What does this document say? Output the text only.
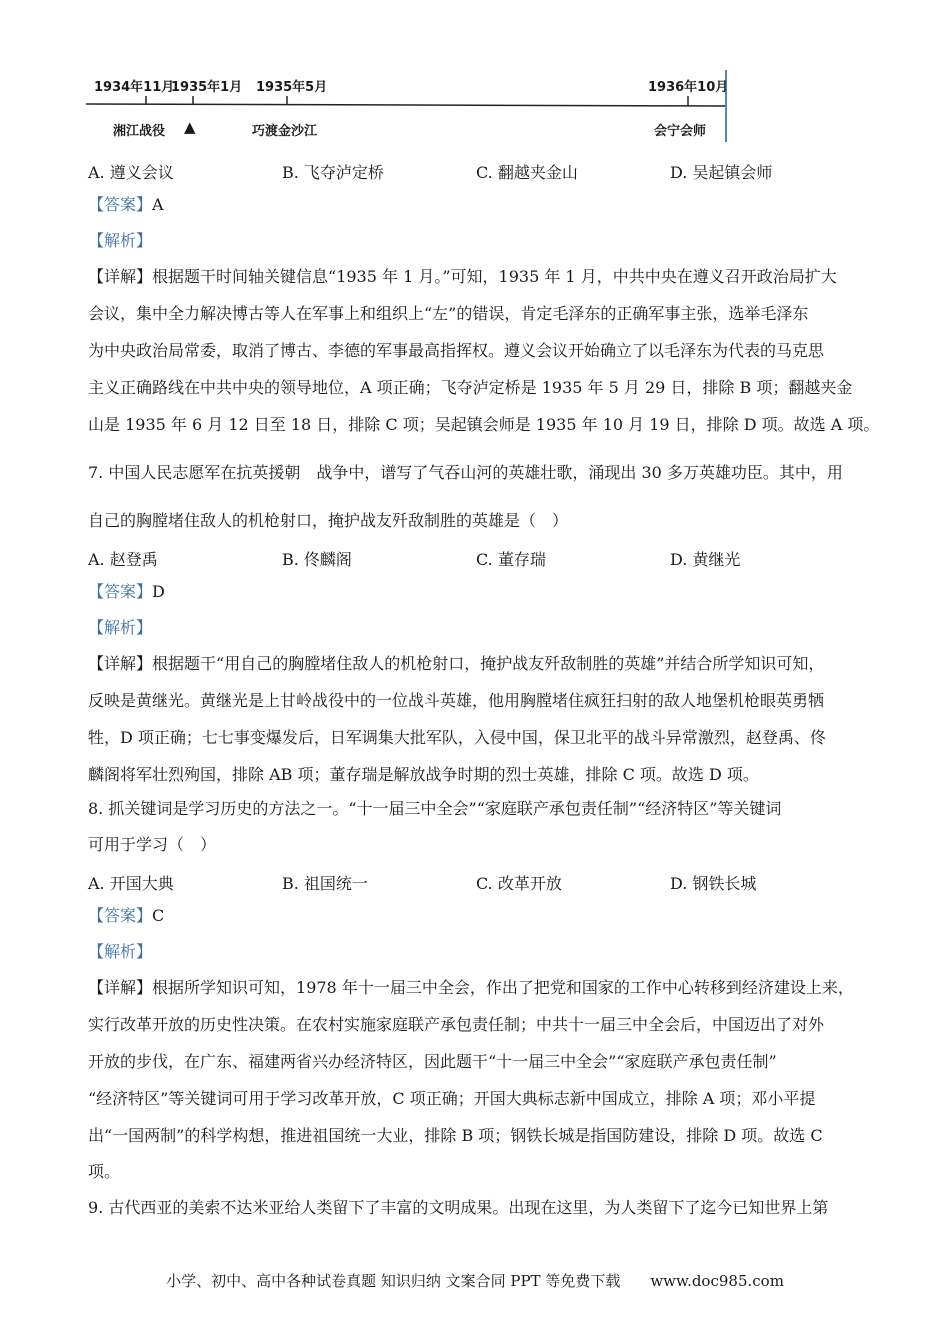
1934年11月
1935年1月 1935年5月	1936年10月
湘江战役 ▲	巧渡金沙江	会宁会师
A. 遵义会议	B. 飞夺泸定桥	C. 翻越夹金山	D. 吴起镇会师
【答案】A
【解析】
【详解】根据题干时间轴关键信息“1935 年 1 月。”可知，1935 年 1 月，中共中央在遵义召开政治局扩大
会议，集中全力解决博古等人在军事上和组织上“左”的错误，肯定毛泽东的正确军事主张，选举毛泽东
为中央政治局常委，取消了博古、李德的军事最高指挥权。遵义会议开始确立了以毛泽东为代表的马克思
主义正确路线在中共中央的领导地位，A 项正确；飞夺泸定桥是 1935 年 5 月 29 日，排除 B 项；翻越夹金
山是 1935 年 6 月 12 日至 18 日，排除 C 项；吴起镇会师是 1935 年 10 月 19 日，排除 D 项。故选 A 项。
7. 中国人民志愿军在抗英援朝　战争中，谱写了气吞山河的英雄壮歌，涌现出 30 多万英雄功臣。其中，用
自己的胸膛堵住敌人的机枪射口，掩护战友歼敌制胜的英雄是（　）
A. 赵登禹	B. 佟麟阁	C. 董存瑞	D. 黄继光
【答案】D
【解析】
【详解】根据题干“用自己的胸膛堵住敌人的机枪射口，掩护战友歼敌制胜的英雄”并结合所学知识可知，
反映是黄继光。黄继光是上甘岭战役中的一位战斗英雄，他用胸膛堵住疯狂扫射的敌人地堡机枪眼英勇牺
牲，D 项正确；七七事变爆发后，日军调集大批军队，入侵中国，保卫北平的战斗异常激烈，赵登禹、佟
麟阁将军壮烈殉国，排除 AB 项；董存瑞是解放战争时期的烈士英雄，排除 C 项。故选 D 项。
8. 抓关键词是学习历史的方法之一。“十一届三中全会”“家庭联产承包责任制”“经济特区”等关键词
可用于学习（　）
A. 开国大典	B. 祖国统一	C. 改革开放	D. 钢铁长城
【答案】C
【解析】
【详解】根据所学知识可知，1978 年十一届三中全会，作出了把党和国家的工作中心转移到经济建设上来，
实行改革开放的历史性决策。在农村实施家庭联产承包责任制；中共十一届三中全会后，中国迈出了对外
开放的步伐，在广东、福建两省兴办经济特区，因此题干“十一届三中全会”“家庭联产承包责任制”
“经济特区”等关键词可用于学习改革开放，C 项正确；开国大典标志新中国成立，排除 A 项；邓小平提
出“一国两制”的科学构想，推进祖国统一大业，排除 B 项；钢铁长城是指国防建设，排除 D 项。故选 C
项。
9. 古代西亚的美索不达米亚给人类留下了丰富的文明成果。出现在这里，为人类留下了迄今已知世界上第
小学、初中、高中各种试卷真题 知识归纳 文案合同 PPT 等免费下载　　www.doc985.com
